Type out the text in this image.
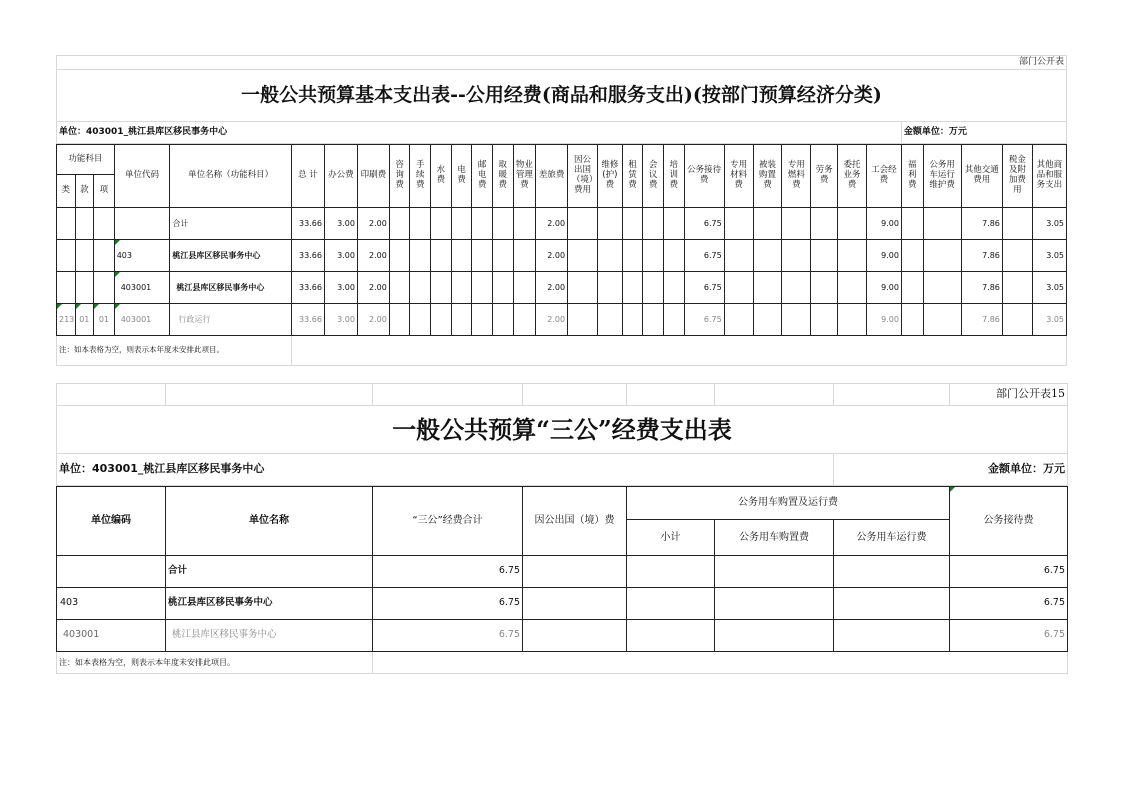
部门公开表
一般公共预算基本支出表--公用经费(商品和服务支出)(按部门预算经济分类)
单位：403001_桃江县库区移民事务中心	金额单位：万元
功能科目			单位代码	单位名称（功能科目）	总 计	办公费	印刷费	咨询费	手续费	水费	电费	邮电费	取暖费	物业管理费	差旅费	因公出国（境）费用	维修(护)费	租赁费	会议费	培训费	公务接待费	专用材料费	被装购置费	专用燃料费	劳务费	委托业务费	工会经费	福利费	公务用车运行维护费	其他交通费用	税金及附加费用	其他商品和服务支出
类	款	项																														
				合计	33.66	3.00	2.00								2.00						6.75						9.00			7.86		3.05
			403	桃江县库区移民事务中心	33.66	3.00	2.00								2.00						6.75						9.00			7.86		3.05
			403001	桃江县库区移民事务中心	33.66	3.00	2.00								2.00						6.75						9.00			7.86		3.05
213	01	01	403001	行政运行	33.66	3.00	2.00								2.00						6.75						9.00			7.86		3.05
注：如本表格为空，则表示本年度未安排此项目。																																
							部门公开表15
一般公共预算“三公”经费支出表							
单位：403001_桃江县库区移民事务中心						金额单位：万元	
单位编码	单位名称	“三公”经费合计	因公出国（境）费	公务用车购置及运行费			公务接待费
				小计	公务用车购置费	公务用车运行费	
	合计	6.75					6.75
403	桃江县库区移民事务中心	6.75					6.75
403001	桃江县库区移民事务中心	6.75					6.75
注：如本表格为空，则表示本年度未安排此项目。							
